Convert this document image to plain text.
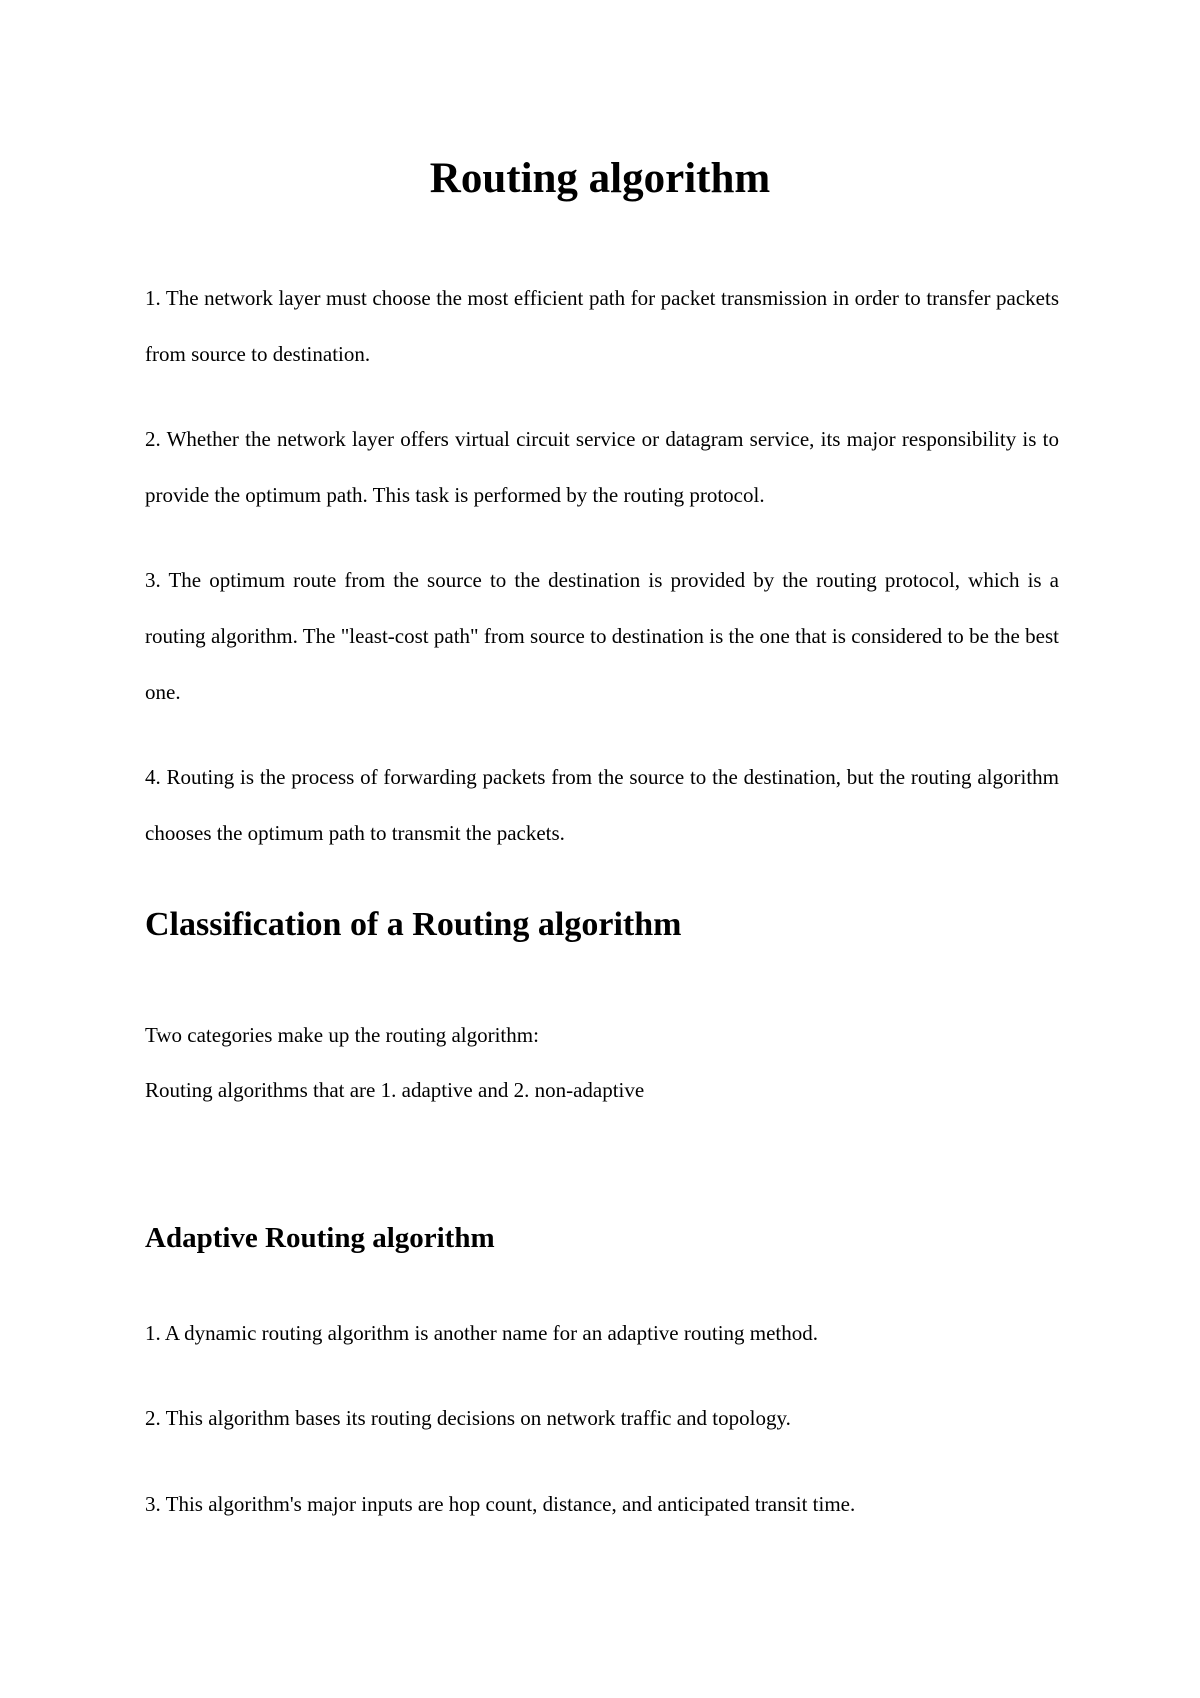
Routing algorithm

1. The network layer must choose the most efficient path for packet transmission in order to transfer packets from source to destination.

2. Whether the network layer offers virtual circuit service or datagram service, its major responsibility is to provide the optimum path. This task is performed by the routing protocol.

3. The optimum route from the source to the destination is provided by the routing protocol, which is a routing algorithm. The "least-cost path" from source to destination is the one that is considered to be the best one.

4. Routing is the process of forwarding packets from the source to the destination, but the routing algorithm chooses the optimum path to transmit the packets.

Classification of a Routing algorithm

Two categories make up the routing algorithm:

Routing algorithms that are 1. adaptive and 2. non-adaptive

Adaptive Routing algorithm

1. A dynamic routing algorithm is another name for an adaptive routing method.

2. This algorithm bases its routing decisions on network traffic and topology.

3. This algorithm's major inputs are hop count, distance, and anticipated transit time.
